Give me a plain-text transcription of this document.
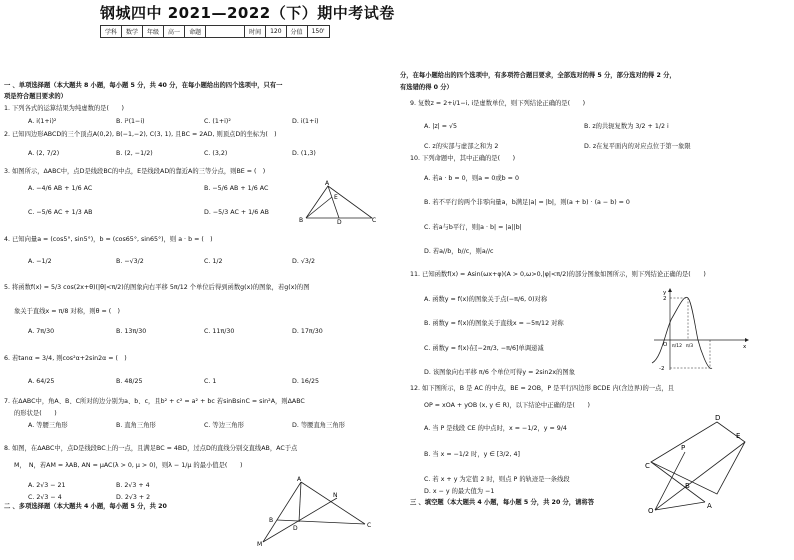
钢城四中 2021—2022（下）期中考试卷
学科	数学	年级	高一	命题		时间	120	分值	150'
一 、单项选择题（本大题共 8 小题，每小题 5 分，共 40 分，在每小题给出的四个选项中，只有一
项是符合题目要求的）
1. 下列各式的运算结果为纯虚数的是(　　)
A. i(1+i)²	B. i²(1−i)	C. (1+i)²	D. i(1+i)
2. 已知四边形ABCD的三个顶点A(0,2), B(−1,−2), C(3, 1), 且BC = 2AD, 则顶点D的坐标为(　)
A. (2, 7/2)	B. (2, −1/2)	C. (3,2)	D. (1,3)
3. 如图所示，ΔABC中，点D是线段BC的中点，E是线段AD的靠近A的三等分点，则BE = (　)
A. −4/6 AB + 1/6 AC	B. −5/6 AB + 1/6 AC
C. −5/6 AC + 1/3 AB	D. −5/3 AC + 1/6 AB
A
E
B	D	C
4. 已知向量a = (cos5°, sin5°)，b = (cos65°, sin65°)，则 a · b = (　)
A. −1/2	B. −√3/2	C. 1/2	D. √3/2
5. 将函数f(x) = 5/3 cos(2x+θ)(|θ|<π/2)的图象向右平移 5π/12 个单位后得到函数g(x)的图象，若g(x)的图
象关于直线x = π/8 对称，则θ = (　)
A. 7π/30	B. 13π/30	C. 11π/30	D. 17π/30
6. 若tanα = 3/4, 则cos²α+2sin2α = (　)
A. 64/25	B. 48/25	C. 1	D. 16/25
7. 在ΔABC中，角A、B、C所对的边分别为a、b、c，且b² + c² = a² + bc 若sinBsinC = sin²A，则ΔABC
的形状是(　　)
A. 等腰三角形	B. 直角三角形	C. 等边三角形	D. 等腰直角三角形
8. 如图，在ΔABC中，点D是线段BC上的一点，且满足BC = 4BD，过点D的直线分别交直线AB，AC于点
M，　N，若AM = λAB, AN = μAC(λ > 0, μ > 0)，则λ − 1/μ 的最小值是(　　)
A. 2√3 − 21	B. 2√3 + 4
C. 2√3 − 4	D. 2√3 + 2
A
N
B
D	C
M
二 、多项选择题（本大题共 4 小题，每小题 5 分，共 20
分，在每小题给出的四个选项中，有多项符合题目要求，全部选对的得 5 分，部分选对的得 2 分，
有选错的得 0 分）
9. 复数z = 2+i/1−i, i是虚数单位，则下列结论正确的是(　　)
A. |z| = √5	B. z的共轭复数为 3/2 + 1/2 i
C. z的实部与虚部之和为 2	D. z在复平面内的对应点位于第一象限
10. 下列命题中，其中正确的是(　　)
A. 若a · b = 0，则a = 0或b = 0
B. 若不平行的两个非零向量a，b满足|a| = |b|，则(a + b) · (a − b) = 0
C. 若a与b平行，则|a · b| = |a||b|
D. 若a//b，b//c，则a//c
11. 已知函数f(x) = Asin(ωx+φ)(A > 0,ω>0,|φ|<π/2)的部分图象如图所示，则下列结论正确的是(　　)
A. 函数y = f(x)的图象关于点(−π/6, 0)对称
B. 函数y = f(x)的图象关于直线x = −5π/12 对称
C. 函数y = f(x)在[−2π/3, −π/6]单调递减
D. 该图象向右平移 π/6 个单位可得y = 2sin2x的图象
y
x
2
-2
O π/12 π/3
12. 如下图所示，B 是 AC 的中点，BE = 2OB，P 是平行四边形 BCDE 内(含边界)的一点，且
OP = xOA + yOB (x, y ∈ R)，以下结论中正确的是(　　)
A. 当 P 是线段 CE 的中点时，x = −1/2，y = 9/4
B. 当 x = −1/2 时，y ∈ [3/2, 4]
C. 若 x + y 为定值 2 时，则点 P 的轨迹是一条线段
D. x − y 的最大值为 −1
D
E
P
C
B
O
A
三 、填空题（本大题共 4 小题，每小题 5 分，共 20 分，请将答
